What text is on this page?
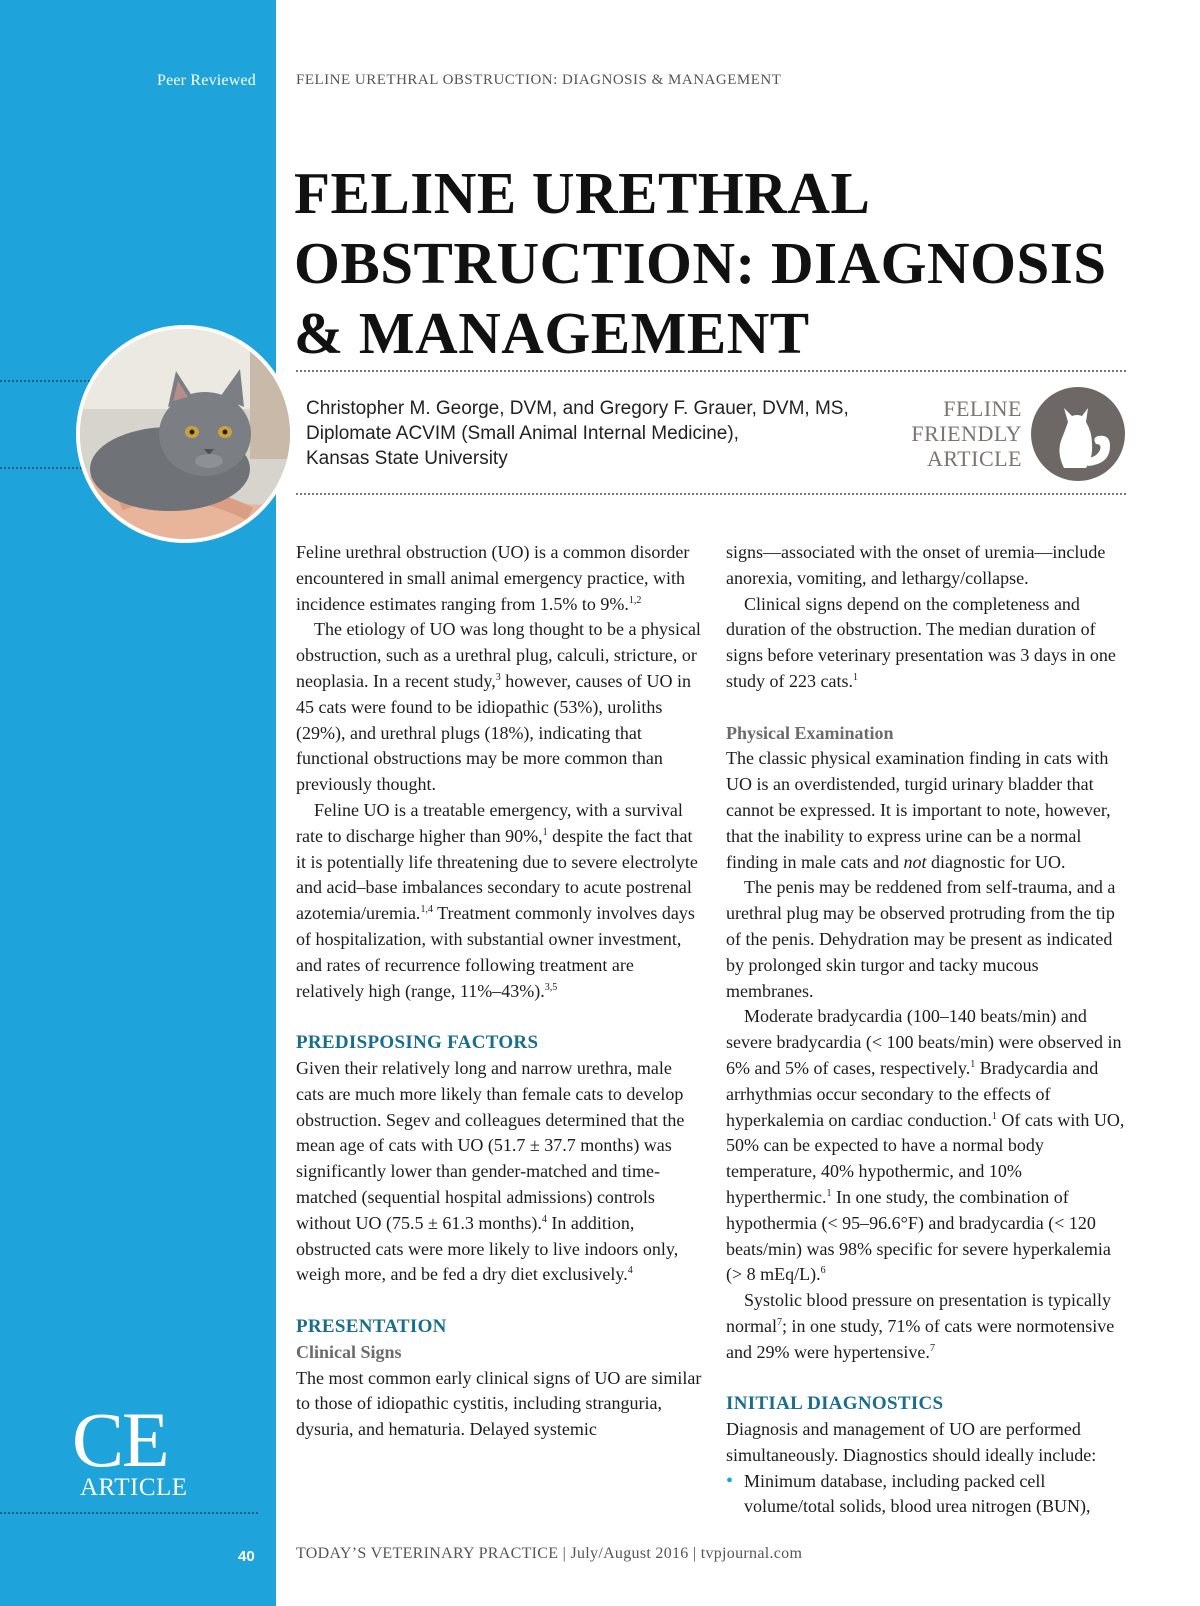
Peer Reviewed
CE
ARTICLE
40
FELINE URETHRAL OBSTRUCTION: DIAGNOSIS & MANAGEMENT
FELINE URETHRAL
OBSTRUCTION: DIAGNOSIS
& MANAGEMENT
Christopher M. George, DVM, and Gregory F. Grauer, DVM, MS,
Diplomate ACVIM (Small Animal Internal Medicine),
Kansas State University
FELINE
FRIENDLY
ARTICLE

Feline urethral obstruction (UO) is a common disorder encountered in small animal emergency practice, with incidence estimates ranging from 1.5% to 9%.$^{1,2}$

The etiology of UO was long thought to be a physical obstruction, such as a urethral plug, calculi, stricture, or neoplasia. In a recent study,$^3$ however, causes of UO in 45 cats were found to be idiopathic (53%), uroliths (29%), and urethral plugs (18%), indicating that functional obstructions may be more common than previously thought.

Feline UO is a treatable emergency, with a survival rate to discharge higher than 90%,$^1$ despite the fact that it is potentially life threatening due to severe electrolyte and acid–base imbalances secondary to acute postrenal azotemia/uremia.$^{1,4}$ Treatment commonly involves days of hospitalization, with substantial owner investment, and rates of recurrence following treatment are relatively high (range, 11%–43%).$^{3,5}$

PREDISPOSING FACTORS

Given their relatively long and narrow urethra, male cats are much more likely than female cats to develop obstruction. Segev and colleagues determined that the mean age of cats with UO (51.7 ± 37.7 months) was significantly lower than gender-matched and time-matched (sequential hospital admissions) controls without UO (75.5 ± 61.3 months).$^4$ In addition, obstructed cats were more likely to live indoors only, weigh more, and be fed a dry diet exclusively.$^4$

PRESENTATION
Clinical Signs

The most common early clinical signs of UO are similar to those of idiopathic cystitis, including stranguria, dysuria, and hematuria. Delayed systemic

signs—associated with the onset of uremia—include anorexia, vomiting, and lethargy/collapse.

Clinical signs depend on the completeness and duration of the obstruction. The median duration of signs before veterinary presentation was 3 days in one study of 223 cats.$^1$

Physical Examination

The classic physical examination finding in cats with UO is an overdistended, turgid urinary bladder that cannot be expressed. It is important to note, however, that the inability to express urine can be a normal finding in male cats and not diagnostic for UO.

The penis may be reddened from self-trauma, and a urethral plug may be observed protruding from the tip of the penis. Dehydration may be present as indicated by prolonged skin turgor and tacky mucous membranes.

Moderate bradycardia (100–140 beats/min) and severe bradycardia (< 100 beats/min) were observed in 6% and 5% of cases, respectively.$^1$ Bradycardia and arrhythmias occur secondary to the effects of hyperkalemia on cardiac conduction.$^1$ Of cats with UO, 50% can be expected to have a normal body temperature, 40% hypothermic, and 10% hyperthermic.$^1$ In one study, the combination of hypothermia (< 95–96.6°F) and bradycardia (< 120 beats/min) was 98% specific for severe hyperkalemia (> 8 mEq/L).$^6$

Systolic blood pressure on presentation is typically normal$^7$; in one study, 71% of cats were normotensive and 29% were hypertensive.$^7$

INITIAL DIAGNOSTICS

Diagnosis and management of UO are performed simultaneously. Diagnostics should ideally include:

• Minimum database, including packed cell volume/total solids, blood urea nitrogen (BUN),

TODAY’S VETERINARY PRACTICE | July/August 2016 | tvpjournal.com
